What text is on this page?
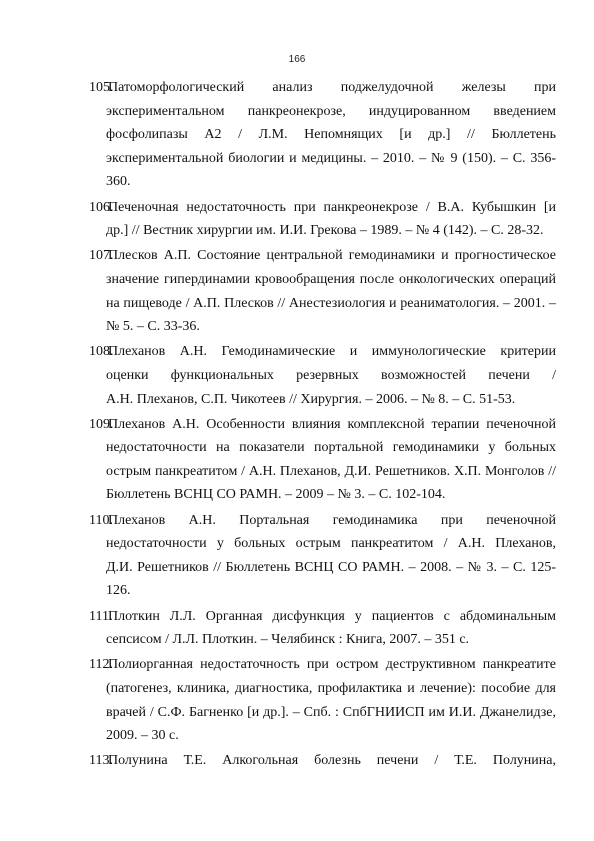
166
105.
Патоморфологический анализ поджелудочной железы при
экспериментальном панкреонекрозе, индуцированном введением
фосфолипазы А2 / Л.М. Непомнящих [и др.] // Бюллетень
экспериментальной биологии и медицины. – 2010. – № 9 (150). – С. 356-
360.
106.
Печеночная недостаточность при панкреонекрозе / В.А. Кубышкин [и
др.] // Вестник хирургии им. И.И. Грекова – 1989. – № 4 (142). – С. 28-32.
107.
Плесков А.П. Состояние центральной гемодинамики и прогностическое
значение гипердинамии кровообращения после онкологических операций
на пищеводе / А.П. Плесков // Анестезиология и реаниматология. – 2001. –
№ 5. – С. 33-36.
108.
Плеханов А.Н. Гемодинамические и иммунологические критерии
оценки функциональных резервных возможностей печени /
А.Н. Плеханов, С.П. Чикотеев // Хирургия. – 2006. – № 8. – С. 51-53.
109.
Плеханов А.Н. Особенности влияния комплексной терапии печеночной
недостаточности на показатели портальной гемодинамики у больных
острым панкреатитом / А.Н. Плеханов, Д.И. Решетников. Х.П. Монголов //
Бюллетень ВСНЦ СО РАМН. – 2009 – № 3. – С. 102-104.
110.
Плеханов А.Н. Портальная гемодинамика при печеночной
недостаточности у больных острым панкреатитом / А.Н. Плеханов,
Д.И. Решетников // Бюллетень ВСНЦ СО РАМН. – 2008. – № 3. – С. 125-
126.
111.
Плоткин Л.Л. Органная дисфункция у пациентов с абдоминальным
сепсисом / Л.Л. Плоткин. – Челябинск : Книга, 2007. – 351 с.
112.
Полиорганная недостаточность при остром деструктивном панкреатите
(патогенез, клиника, диагностика, профилактика и лечение): пособие для
врачей / С.Ф. Багненко [и др.]. – Спб. : СпбГНИИСП им И.И. Джанелидзе,
2009. – 30 с.
113.
Полунина Т.Е. Алкогольная болезнь печени / Т.Е. Полунина,
